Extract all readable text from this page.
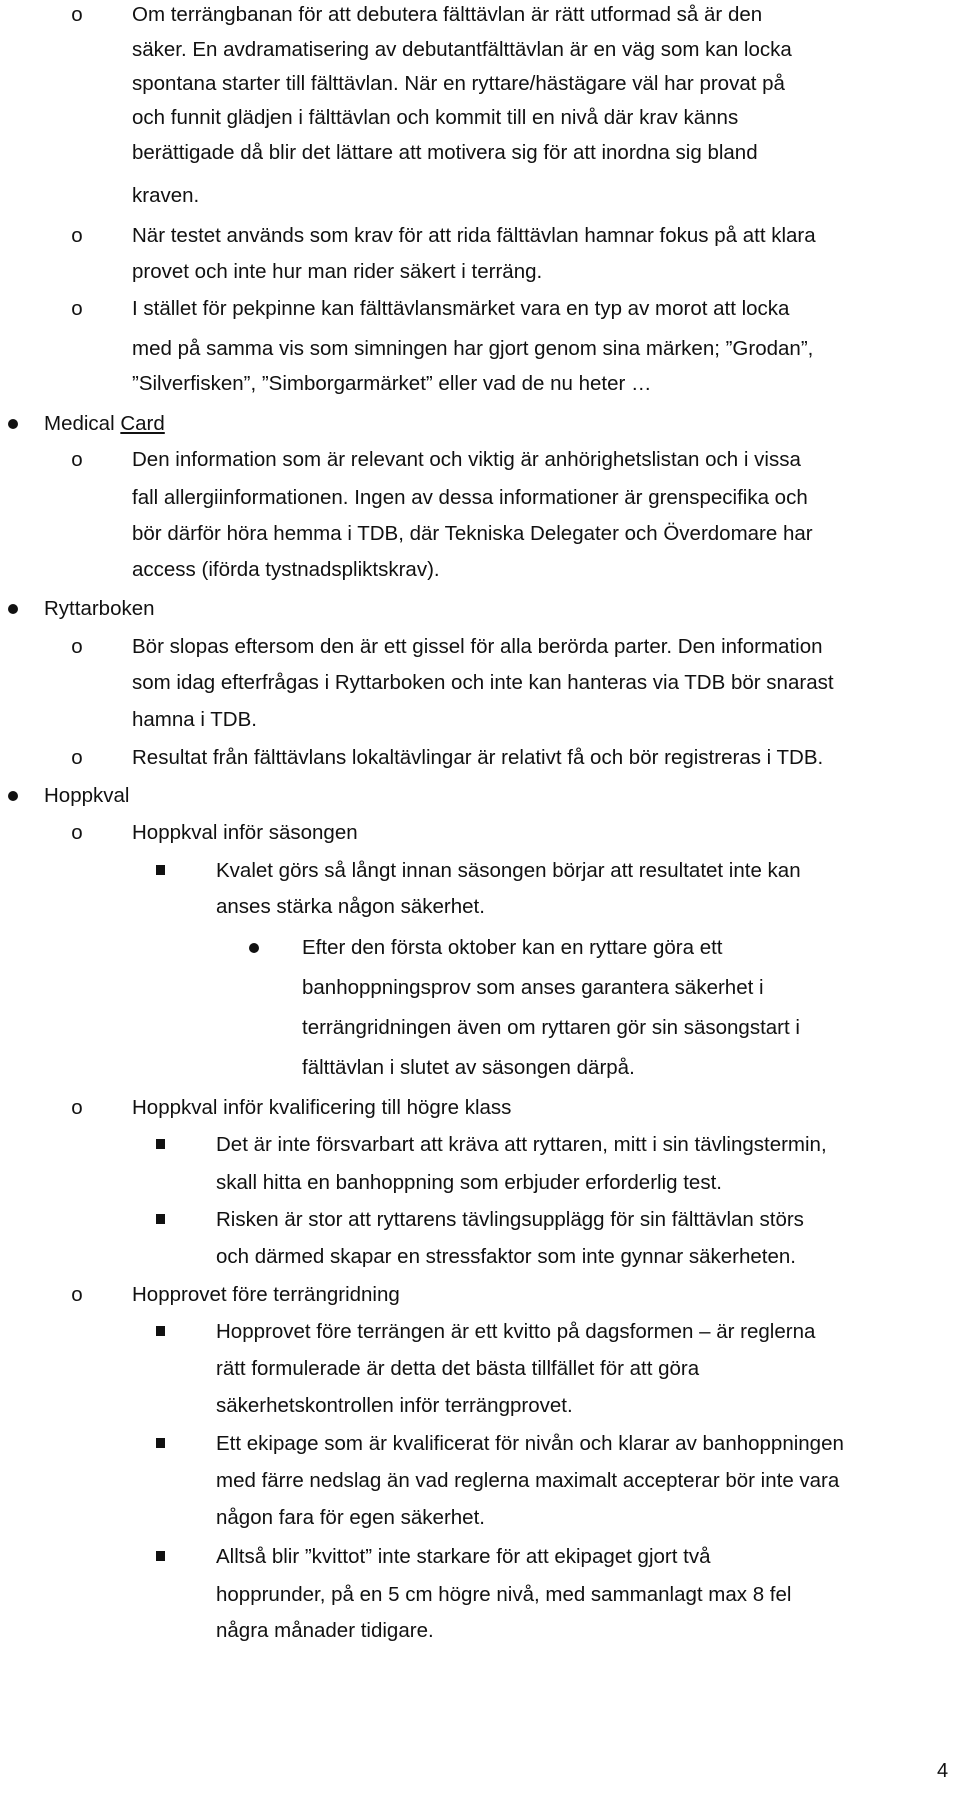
o Om terrängbanan för att debutera fälttävlan är rätt utformad så är den
säker. En avdramatisering av debutantfälttävlan är en väg som kan locka
spontana starter till fälttävlan. När en ryttare/hästägare väl har provat på
och funnit glädjen i fälttävlan och kommit till en nivå där krav känns
berättigade då blir det lättare att motivera sig för att inordna sig bland
kraven.
o När testet används som krav för att rida fälttävlan hamnar fokus på att klara
provet och inte hur man rider säkert i terräng.
o I stället för pekpinne kan fälttävlansmärket vara en typ av morot att locka
med på samma vis som simningen har gjort genom sina märken; ”Grodan”,
”Silverfisken”, ”Simborgarmärket” eller vad de nu heter …
Medical Card
o Den information som är relevant och viktig är anhörighetslistan och i vissa
fall allergiinformationen. Ingen av dessa informationer är grenspecifika och
bör därför höra hemma i TDB, där Tekniska Delegater och Överdomare har
access (iförda tystnadspliktskrav).
Ryttarboken
o Bör slopas eftersom den är ett gissel för alla berörda parter. Den information
som idag efterfrågas i Ryttarboken och inte kan hanteras via TDB bör snarast
hamna i TDB.
o Resultat från fälttävlans lokaltävlingar är relativt få och bör registreras i TDB.
Hoppkval
o Hoppkval inför säsongen
Kvalet görs så långt innan säsongen börjar att resultatet inte kan
anses stärka någon säkerhet.
Efter den första oktober kan en ryttare göra ett
banhoppningsprov som anses garantera säkerhet i
terrängridningen även om ryttaren gör sin säsongstart i
fälttävlan i slutet av säsongen därpå.
o Hoppkval inför kvalificering till högre klass
Det är inte försvarbart att kräva att ryttaren, mitt i sin tävlingstermin,
skall hitta en banhoppning som erbjuder erforderlig test.
Risken är stor att ryttarens tävlingsupplägg för sin fälttävlan störs
och därmed skapar en stressfaktor som inte gynnar säkerheten.
o Hopprovet före terrängridning
Hopprovet före terrängen är ett kvitto på dagsformen – är reglerna
rätt formulerade är detta det bästa tillfället för att göra
säkerhetskontrollen inför terrängprovet.
Ett ekipage som är kvalificerat för nivån och klarar av banhoppningen
med färre nedslag än vad reglerna maximalt accepterar bör inte vara
någon fara för egen säkerhet.
Alltså blir ”kvittot” inte starkare för att ekipaget gjort två
hopprunder, på en 5 cm högre nivå, med sammanlagt max 8 fel
några månader tidigare.
4
